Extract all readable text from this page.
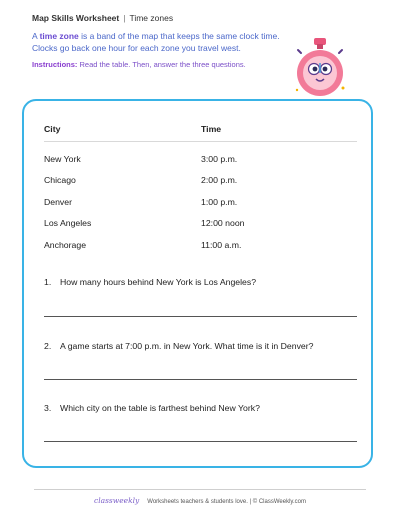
Map Skills Worksheet | Time zones
A time zone is a band of the map that keeps the same clock time. Clocks go back one hour for each zone you travel west.
Instructions: Read the table. Then, answer the three questions.
City	Time
New York	3:00 p.m.
Chicago	2:00 p.m.
Denver	1:00 p.m.
Los Angeles	12:00 noon
Anchorage	11:00 a.m.
1. How many hours behind New York is Los Angeles?
2. A game starts at 7:00 p.m. in New York. What time is it in Denver?
3. Which city on the table is farthest behind New York?
classweekly Worksheets teachers & students love. | © ClassWeekly.com
